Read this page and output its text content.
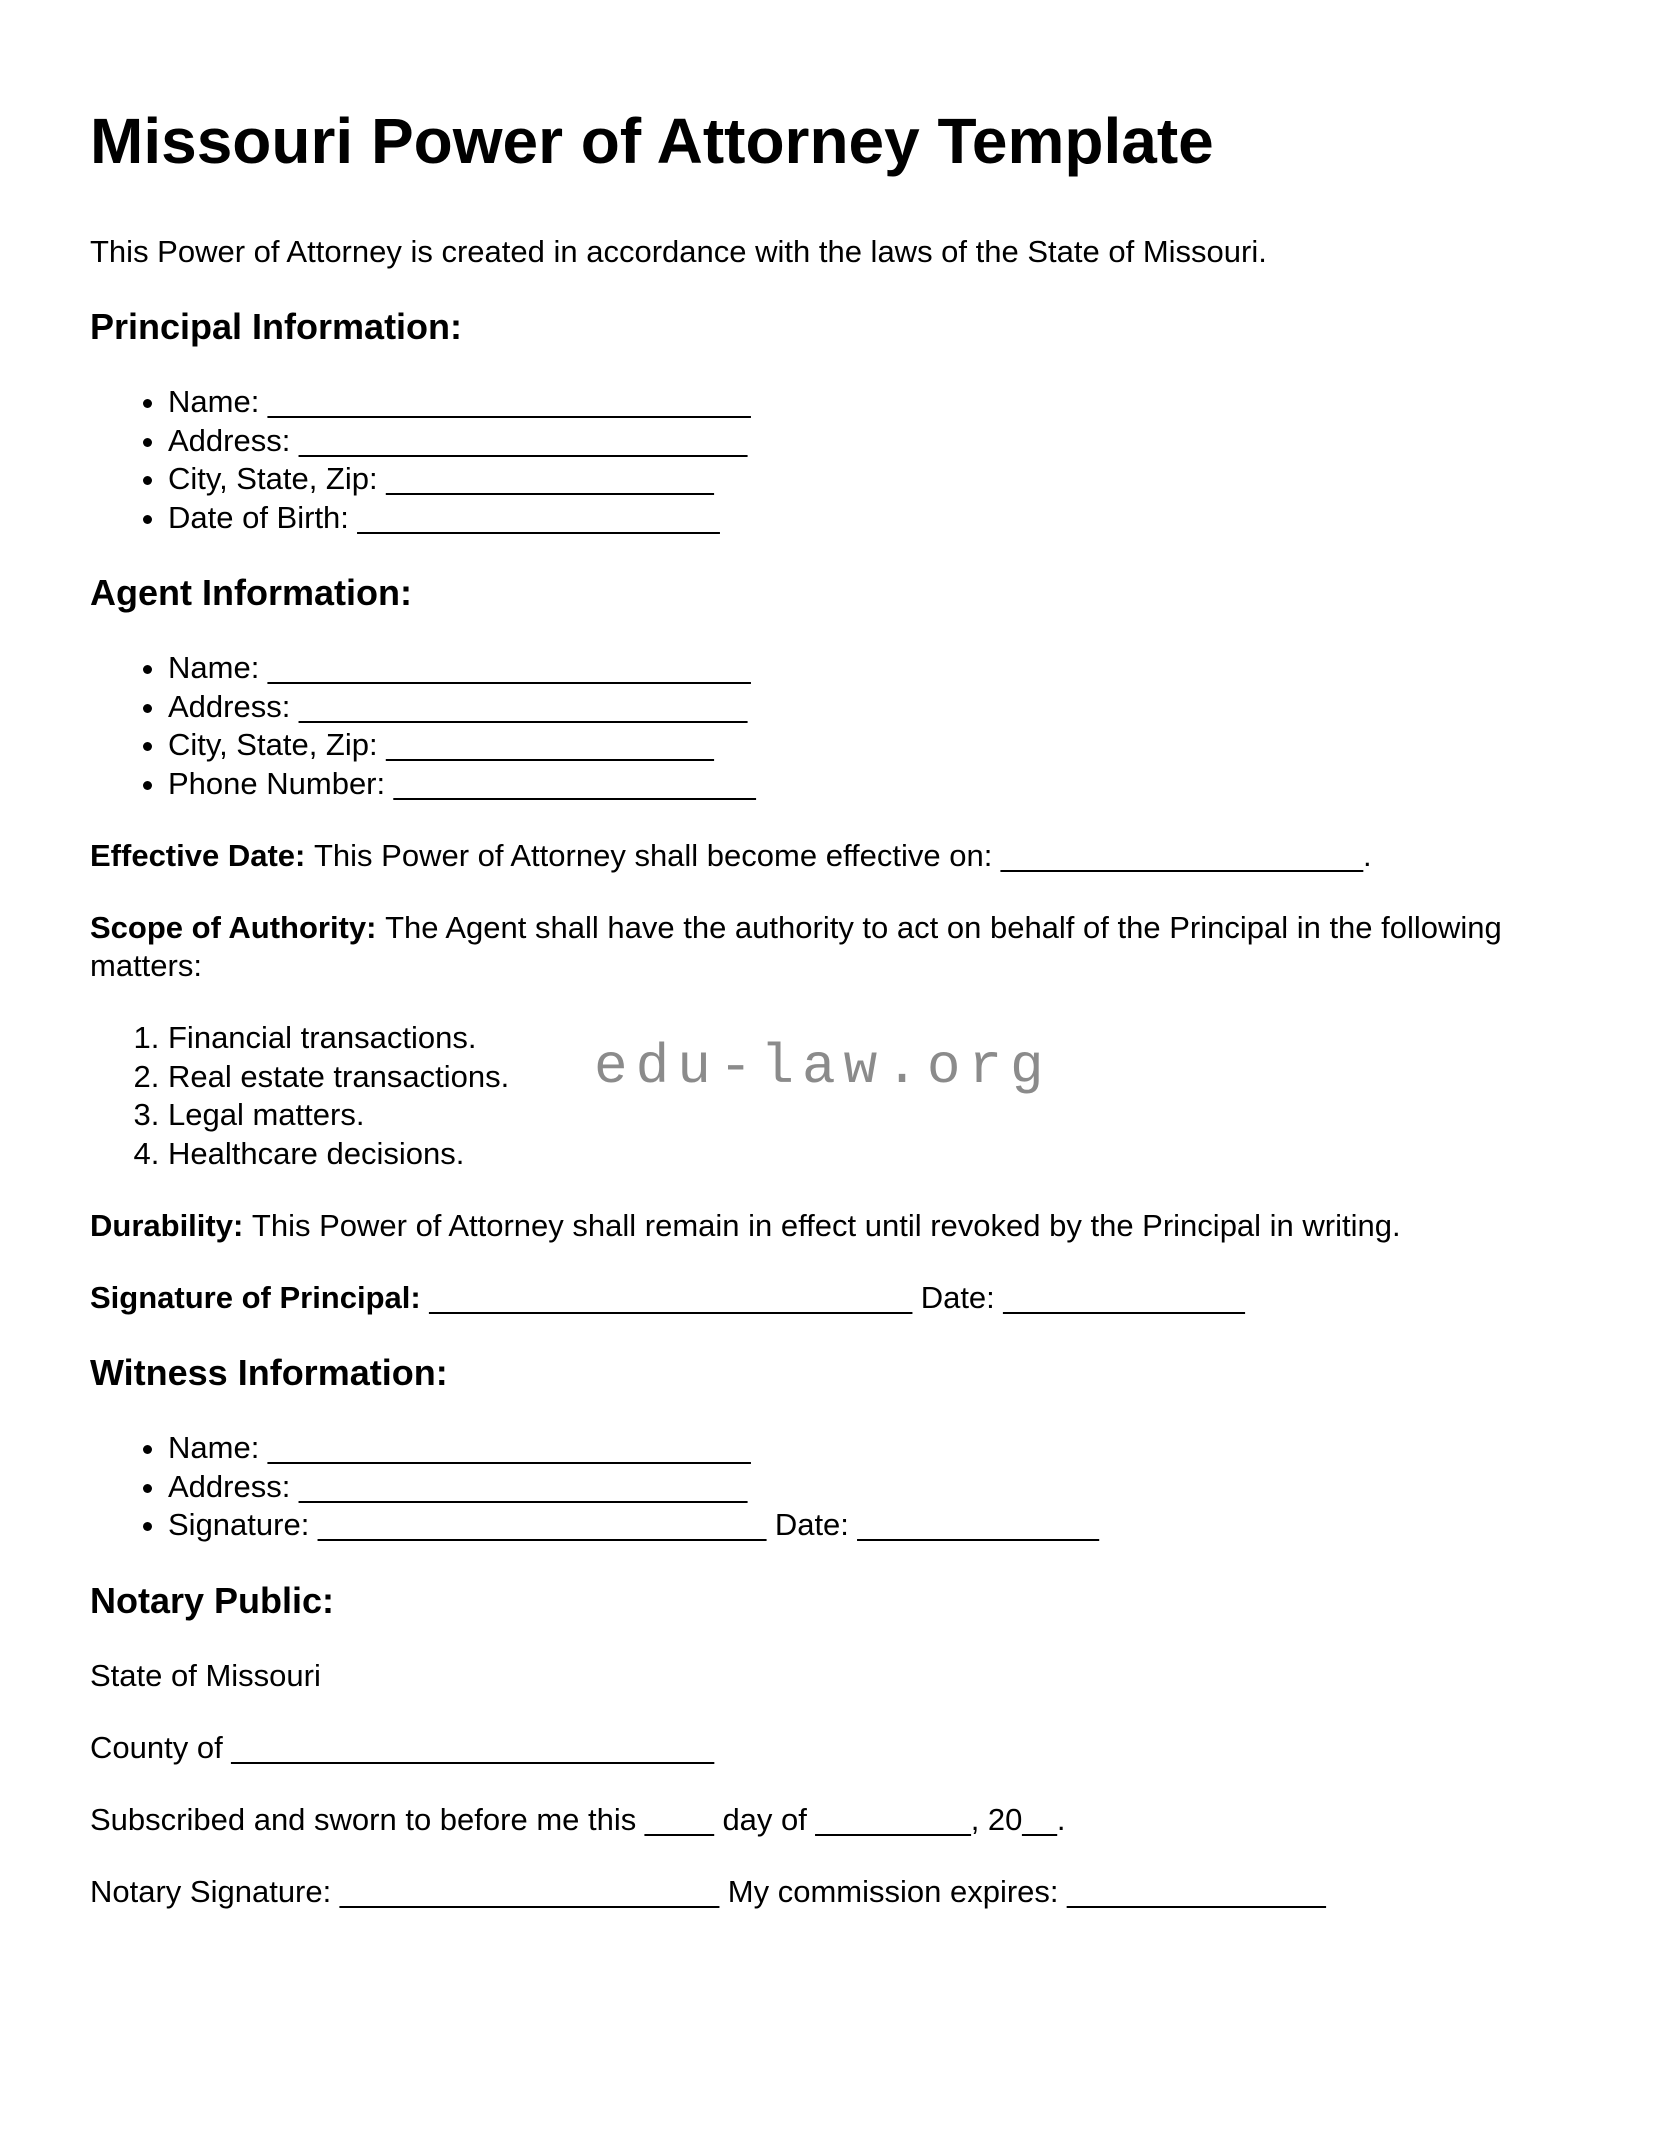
Missouri Power of Attorney Template

This Power of Attorney is created in accordance with the laws of the State of Missouri.

Principal Information:
• Name: ____________________________
• Address: __________________________
• City, State, Zip: ___________________
• Date of Birth: _____________________
Agent Information:
• Name: ____________________________
• Address: __________________________
• City, State, Zip: ___________________
• Phone Number: _____________________

Effective Date: This Power of Attorney shall become effective on: _____________________.

Scope of Authority: The Agent shall have the authority to act on behalf of the Principal in the following matters:

1. Financial transactions.
2. Real estate transactions.
3. Legal matters.
4. Healthcare decisions.
edu-law.org

Durability: This Power of Attorney shall remain in effect until revoked by the Principal in writing.

Signature of Principal: ____________________________ Date: ______________

Witness Information:
• Name: ____________________________
• Address: __________________________
• Signature: __________________________ Date: ______________
Notary Public:

State of Missouri

County of ____________________________

Subscribed and sworn to before me this ____ day of _________, 20__.

Notary Signature: ______________________ My commission expires: _______________
